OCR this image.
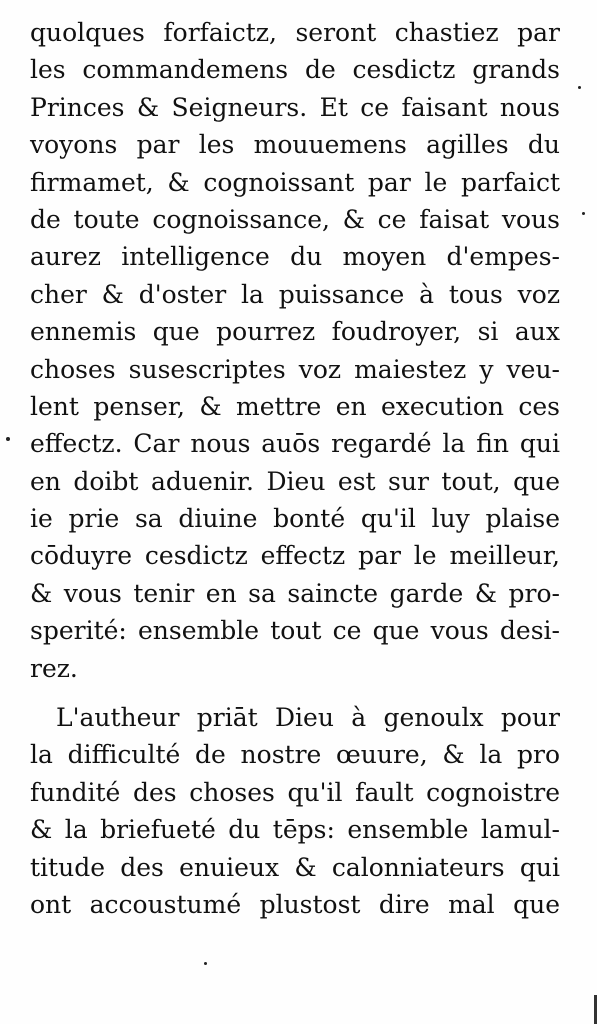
quolques forfaictz, seront chastiez par
les commandemens de cesdictz grands
Princes & Seigneurs. Et ce faisant nous
voyons par les mouuemens agilles du
firmamet, & cognoissant par le parfaict
de toute cognoissance, & ce faisat vous
aurez intelligence du moyen d'empes-
cher & d'oster la puissance à tous voz
ennemis que pourrez foudroyer, si aux
choses susescriptes voz maiestez y veu-
lent penser, & mettre en execution ces
effectz. Car nous auōs regardé la fin qui
en doibt aduenir. Dieu est sur tout, que
ie prie sa diuine bonté qu'il luy plaise
cōduyre cesdictz effectz par le meilleur,
& vous tenir en sa saincte garde & pro-
sperité: ensemble tout ce que vous desi-
rez.
L'autheur priāt Dieu à genoulx pour
la difficulté de nostre œuure, & la pro
fundité des choses qu'il fault cognoistre
& la briefueté du tēps: ensemble lamul-
titude des enuieux & calonniateurs qui
ont accoustumé plustost dire mal que
